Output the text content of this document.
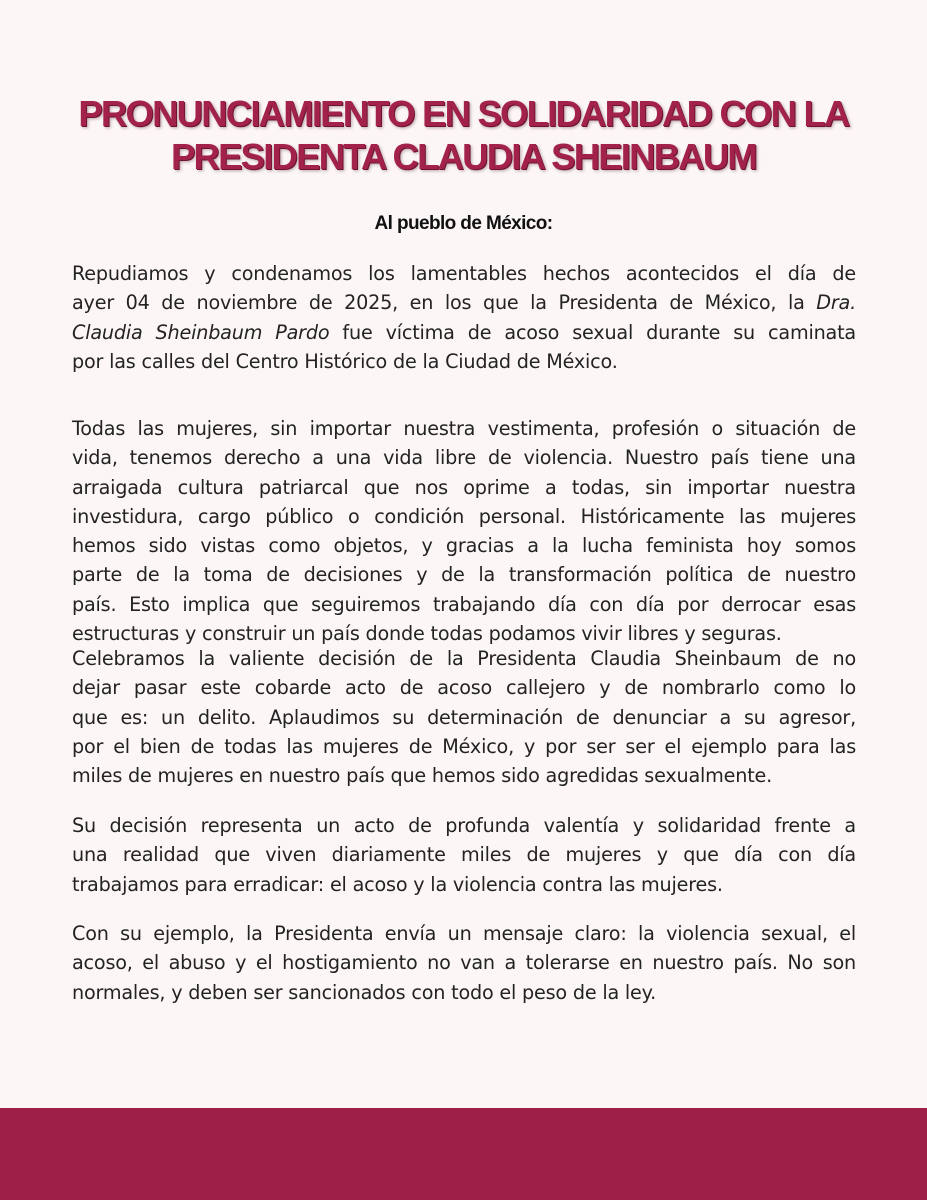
PRONUNCIAMIENTO EN SOLIDARIDAD CON LA
PRESIDENTA CLAUDIA SHEINBAUM

Al pueblo de México:

Repudiamos y condenamos los lamentables hechos acontecidos el día de
ayer 04 de noviembre de 2025, en los que la Presidenta de México, la Dra.
Claudia Sheinbaum Pardo fue víctima de acoso sexual durante su caminata
por las calles del Centro Histórico de la Ciudad de México.

Todas las mujeres, sin importar nuestra vestimenta, profesión o situación de
vida, tenemos derecho a una vida libre de violencia. Nuestro país tiene una
arraigada cultura patriarcal que nos oprime a todas, sin importar nuestra
investidura, cargo público o condición personal. Históricamente las mujeres
hemos sido vistas como objetos, y gracias a la lucha feminista hoy somos
parte de la toma de decisiones y de la transformación política de nuestro
país. Esto implica que seguiremos trabajando día con día por derrocar esas
estructuras y construir un país donde todas podamos vivir libres y seguras.

Celebramos la valiente decisión de la Presidenta Claudia Sheinbaum de no
dejar pasar este cobarde acto de acoso callejero y de nombrarlo como lo
que es: un delito. Aplaudimos su determinación de denunciar a su agresor,
por el bien de todas las mujeres de México, y por ser ser el ejemplo para las
miles de mujeres en nuestro país que hemos sido agredidas sexualmente.

Su decisión representa un acto de profunda valentía y solidaridad frente a
una realidad que viven diariamente miles de mujeres y que día con día
trabajamos para erradicar: el acoso y la violencia contra las mujeres.

Con su ejemplo, la Presidenta envía un mensaje claro: la violencia sexual, el
acoso, el abuso y el hostigamiento no van a tolerarse en nuestro país. No son
normales, y deben ser sancionados con todo el peso de la ley.
